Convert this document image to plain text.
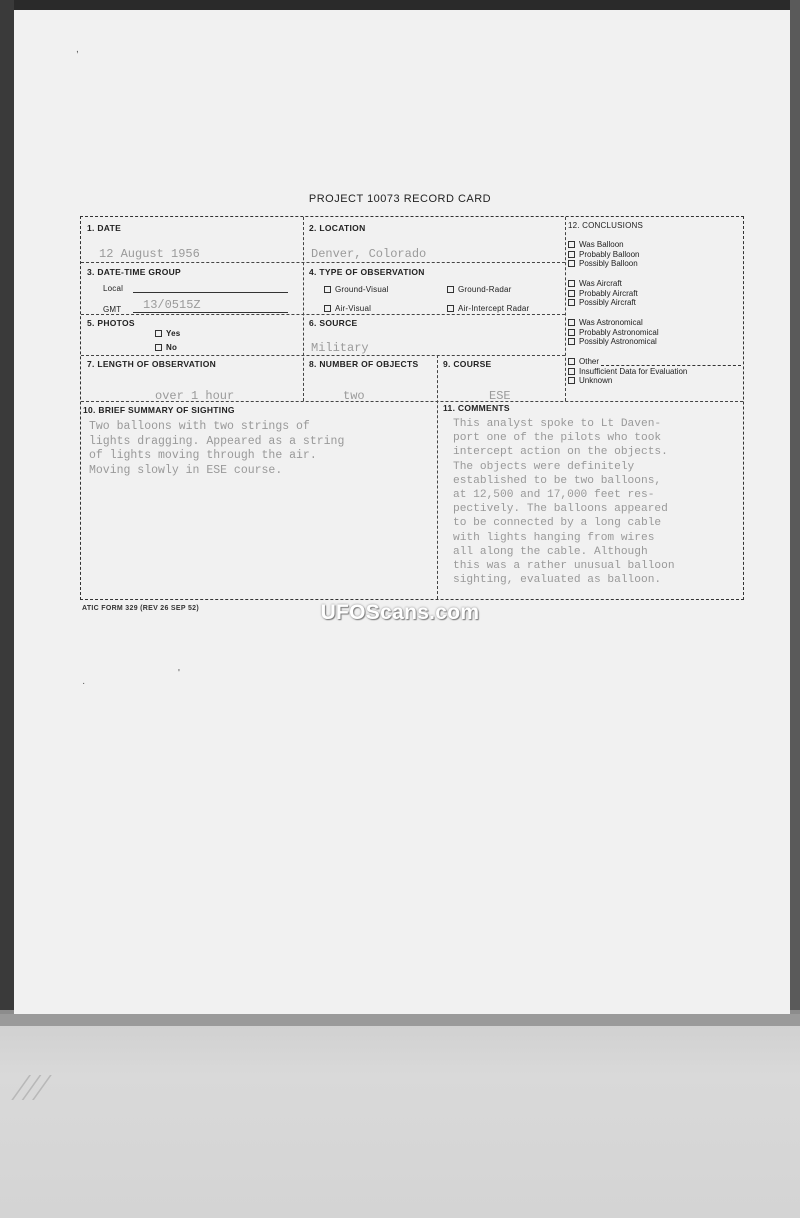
PROJECT 10073 RECORD CARD
1. DATE
12 August 1956
2. LOCATION
Denver, Colorado
3. DATE-TIME GROUP
Local
GMT 13/0515Z
4. TYPE OF OBSERVATION
Ground-Visual	Ground-Radar
Air-Visual	Air-Intercept Radar
5. PHOTOS
Yes
No
6. SOURCE
Military
7. LENGTH OF OBSERVATION
over 1 hour
8. NUMBER OF OBJECTS
two
9. COURSE
ESE
10. BRIEF SUMMARY OF SIGHTING
Two balloons with two strings of
lights dragging. Appeared as a string
of lights moving through the air.
Moving slowly in ESE course.
11. COMMENTS
This analyst spoke to Lt Daven-
port one of the pilots who took
intercept action on the objects.
The objects were definitely
established to be two balloons,
at 12,500 and 17,000 feet res-
pectively. The balloons appeared
to be connected by a long cable
with lights hanging from wires
all along the cable. Although
this was a rather unusual balloon
sighting, evaluated as balloon.
12. CONCLUSIONS
Was Balloon
Probably Balloon
Possibly Balloon
Was Aircraft
Probably Aircraft
Possibly Aircraft
Was Astronomical
Probably Astronomical
Possibly Astronomical
Other
Insufficient Data for Evaluation
Unknown
ATIC FORM 329 (REV 26 SEP 52)	UFOScans.com
,
·
'
⁄⁄⁄
